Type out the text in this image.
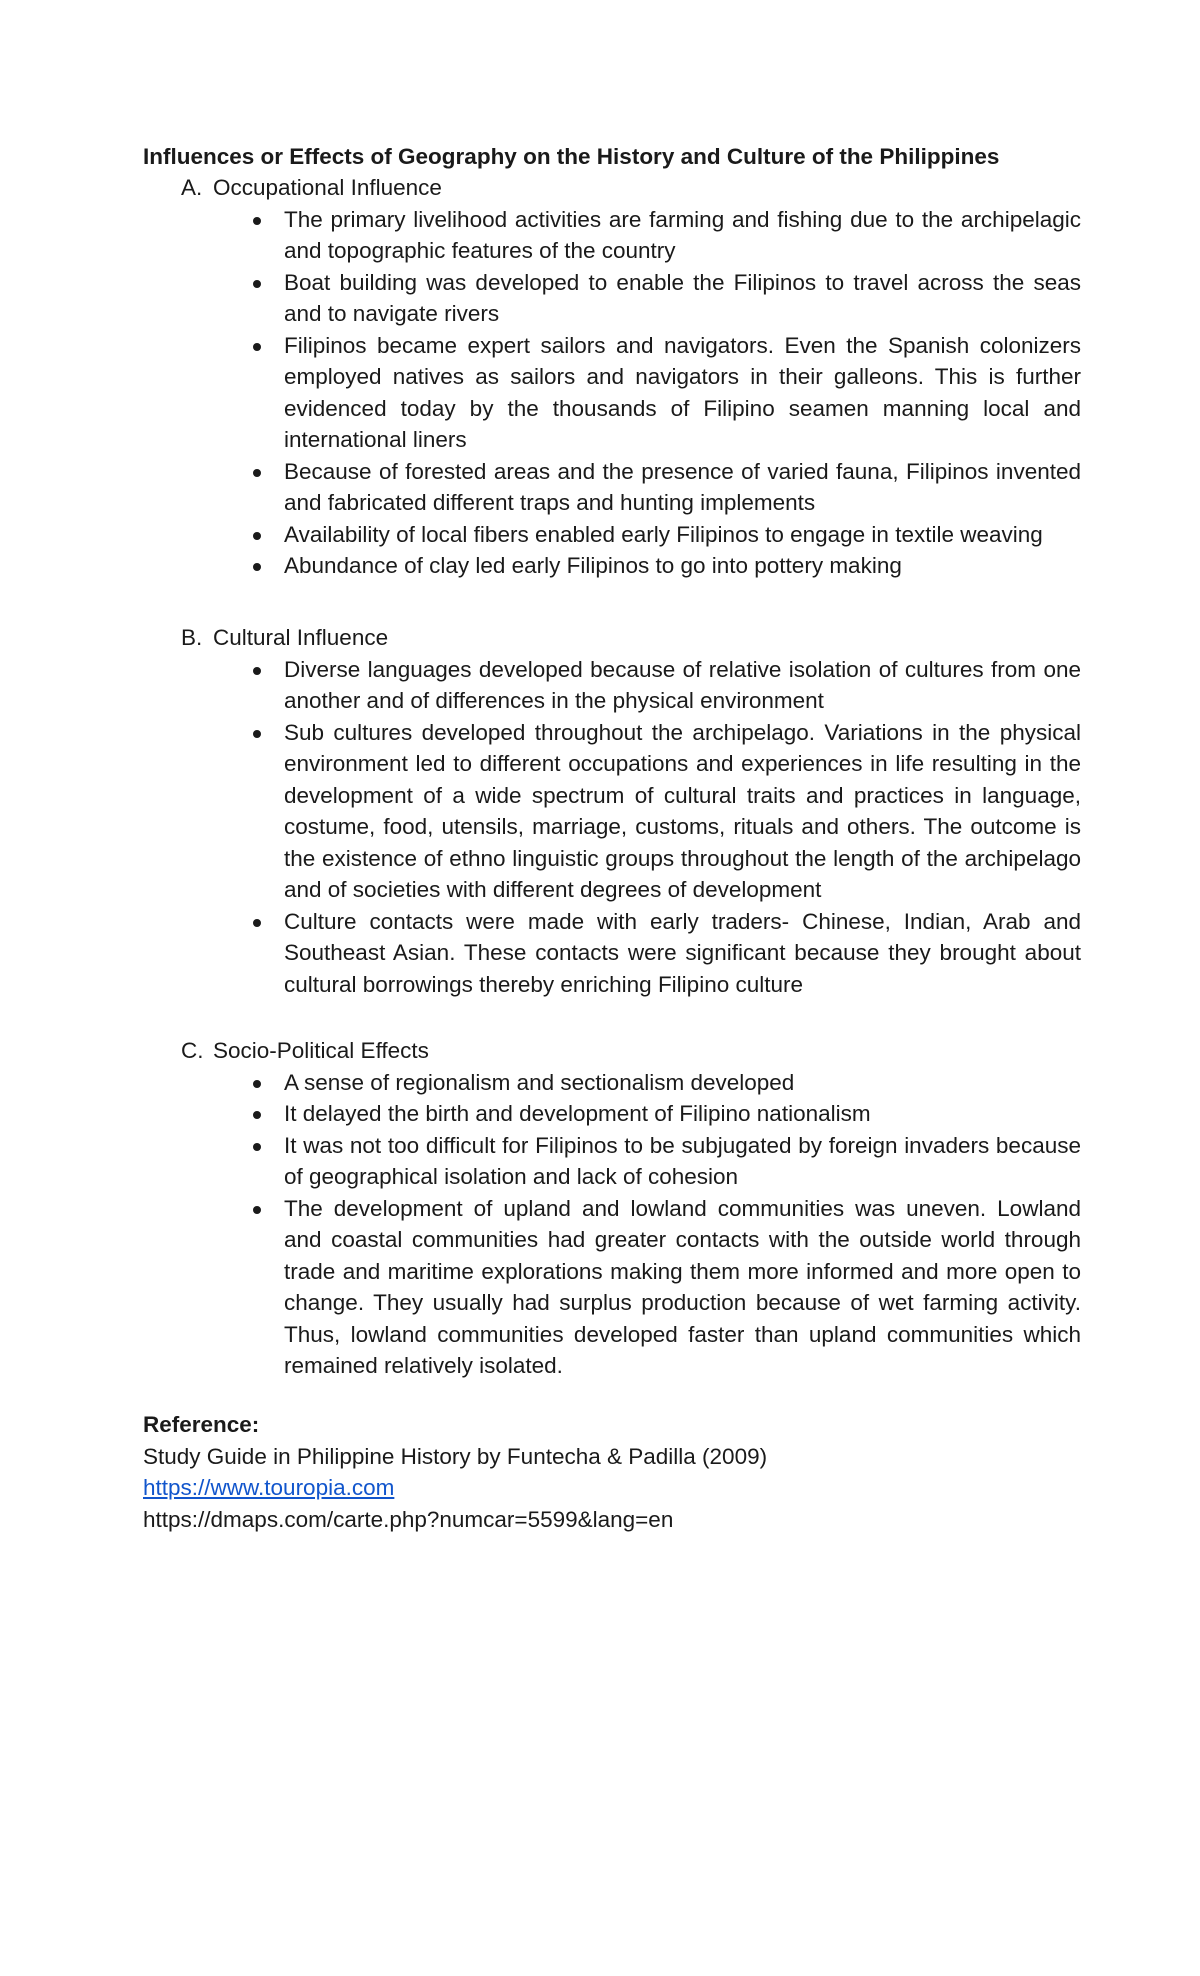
Influences or Effects of Geography on the History and Culture of the Philippines
A. Occupational Influence
The primary livelihood activities are farming and fishing due to the archipelagic and topographic features of the country
Boat building was developed to enable the Filipinos to travel across the seas and to navigate rivers
Filipinos became expert sailors and navigators. Even the Spanish colonizers employed natives as sailors and navigators in their galleons. This is further evidenced today by the thousands of Filipino seamen manning local and international liners
Because of forested areas and the presence of varied fauna, Filipinos invented and fabricated different traps and hunting implements
Availability of local fibers enabled early Filipinos to engage in textile weaving
Abundance of clay led early Filipinos to go into pottery making
B. Cultural Influence
Diverse languages developed because of relative isolation of cultures from one another and of differences in the physical environment
Sub cultures developed throughout the archipelago. Variations in the physical environment led to different occupations and experiences in life resulting in the development of a wide spectrum of cultural traits and practices in language, costume, food, utensils, marriage, customs, rituals and others. The outcome is the existence of ethno linguistic groups throughout the length of the archipelago and of societies with different degrees of development
Culture contacts were made with early traders- Chinese, Indian, Arab and Southeast Asian. These contacts were significant because they brought about cultural borrowings thereby enriching Filipino culture
C. Socio-Political Effects
A sense of regionalism and sectionalism developed
It delayed the birth and development of Filipino nationalism
It was not too difficult for Filipinos to be subjugated by foreign invaders because of geographical isolation and lack of cohesion
The development of upland and lowland communities was uneven. Lowland and coastal communities had greater contacts with the outside world through trade and maritime explorations making them more informed and more open to change. They usually had surplus production because of wet farming activity. Thus, lowland communities developed faster than upland communities which remained relatively isolated.
Reference:
Study Guide in Philippine History by Funtecha & Padilla (2009)
https://www.touropia.com
https://dmaps.com/carte.php?numcar=5599&lang=en
